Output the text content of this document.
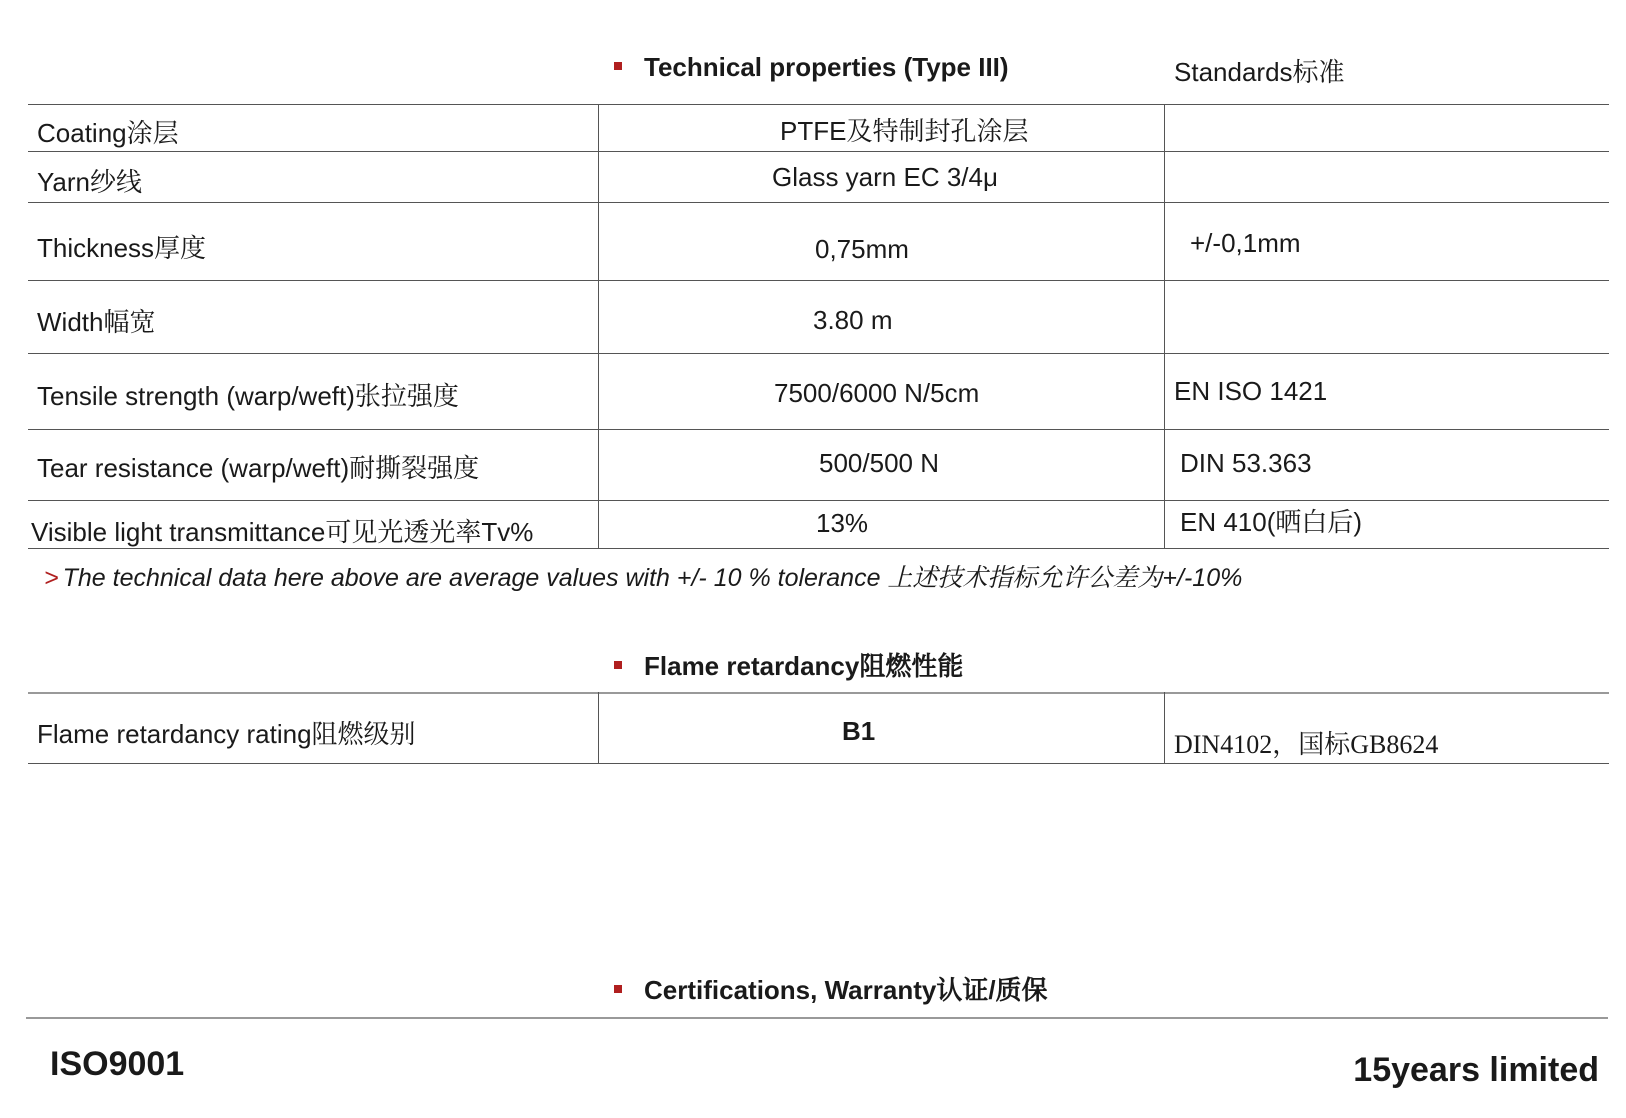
Technical properties (Type III)	Standards标准
Coating涂层	PTFE及特制封孔涂层
Yarn纱线	Glass yarn EC 3/4μ
Thickness厚度	0,75mm	+/-0,1mm
Width幅宽	3.80 m
Tensile strength (warp/weft)张拉强度	7500/6000 N/5cm	EN ISO 1421
Tear resistance (warp/weft)耐撕裂强度	500/500 N	DIN 53.363
Visible light transmittance可见光透光率Tv%	13%	EN 410(晒白后)
> The technical data here above are average values with +/- 10 % tolerance 上述技术指标允许公差为+/-10%
Flame retardancy阻燃性能
Flame retardancy rating阻燃级别	B1	DIN4102，国标GB8624
Certifications, Warranty认证/质保
ISO9001	15years limited
